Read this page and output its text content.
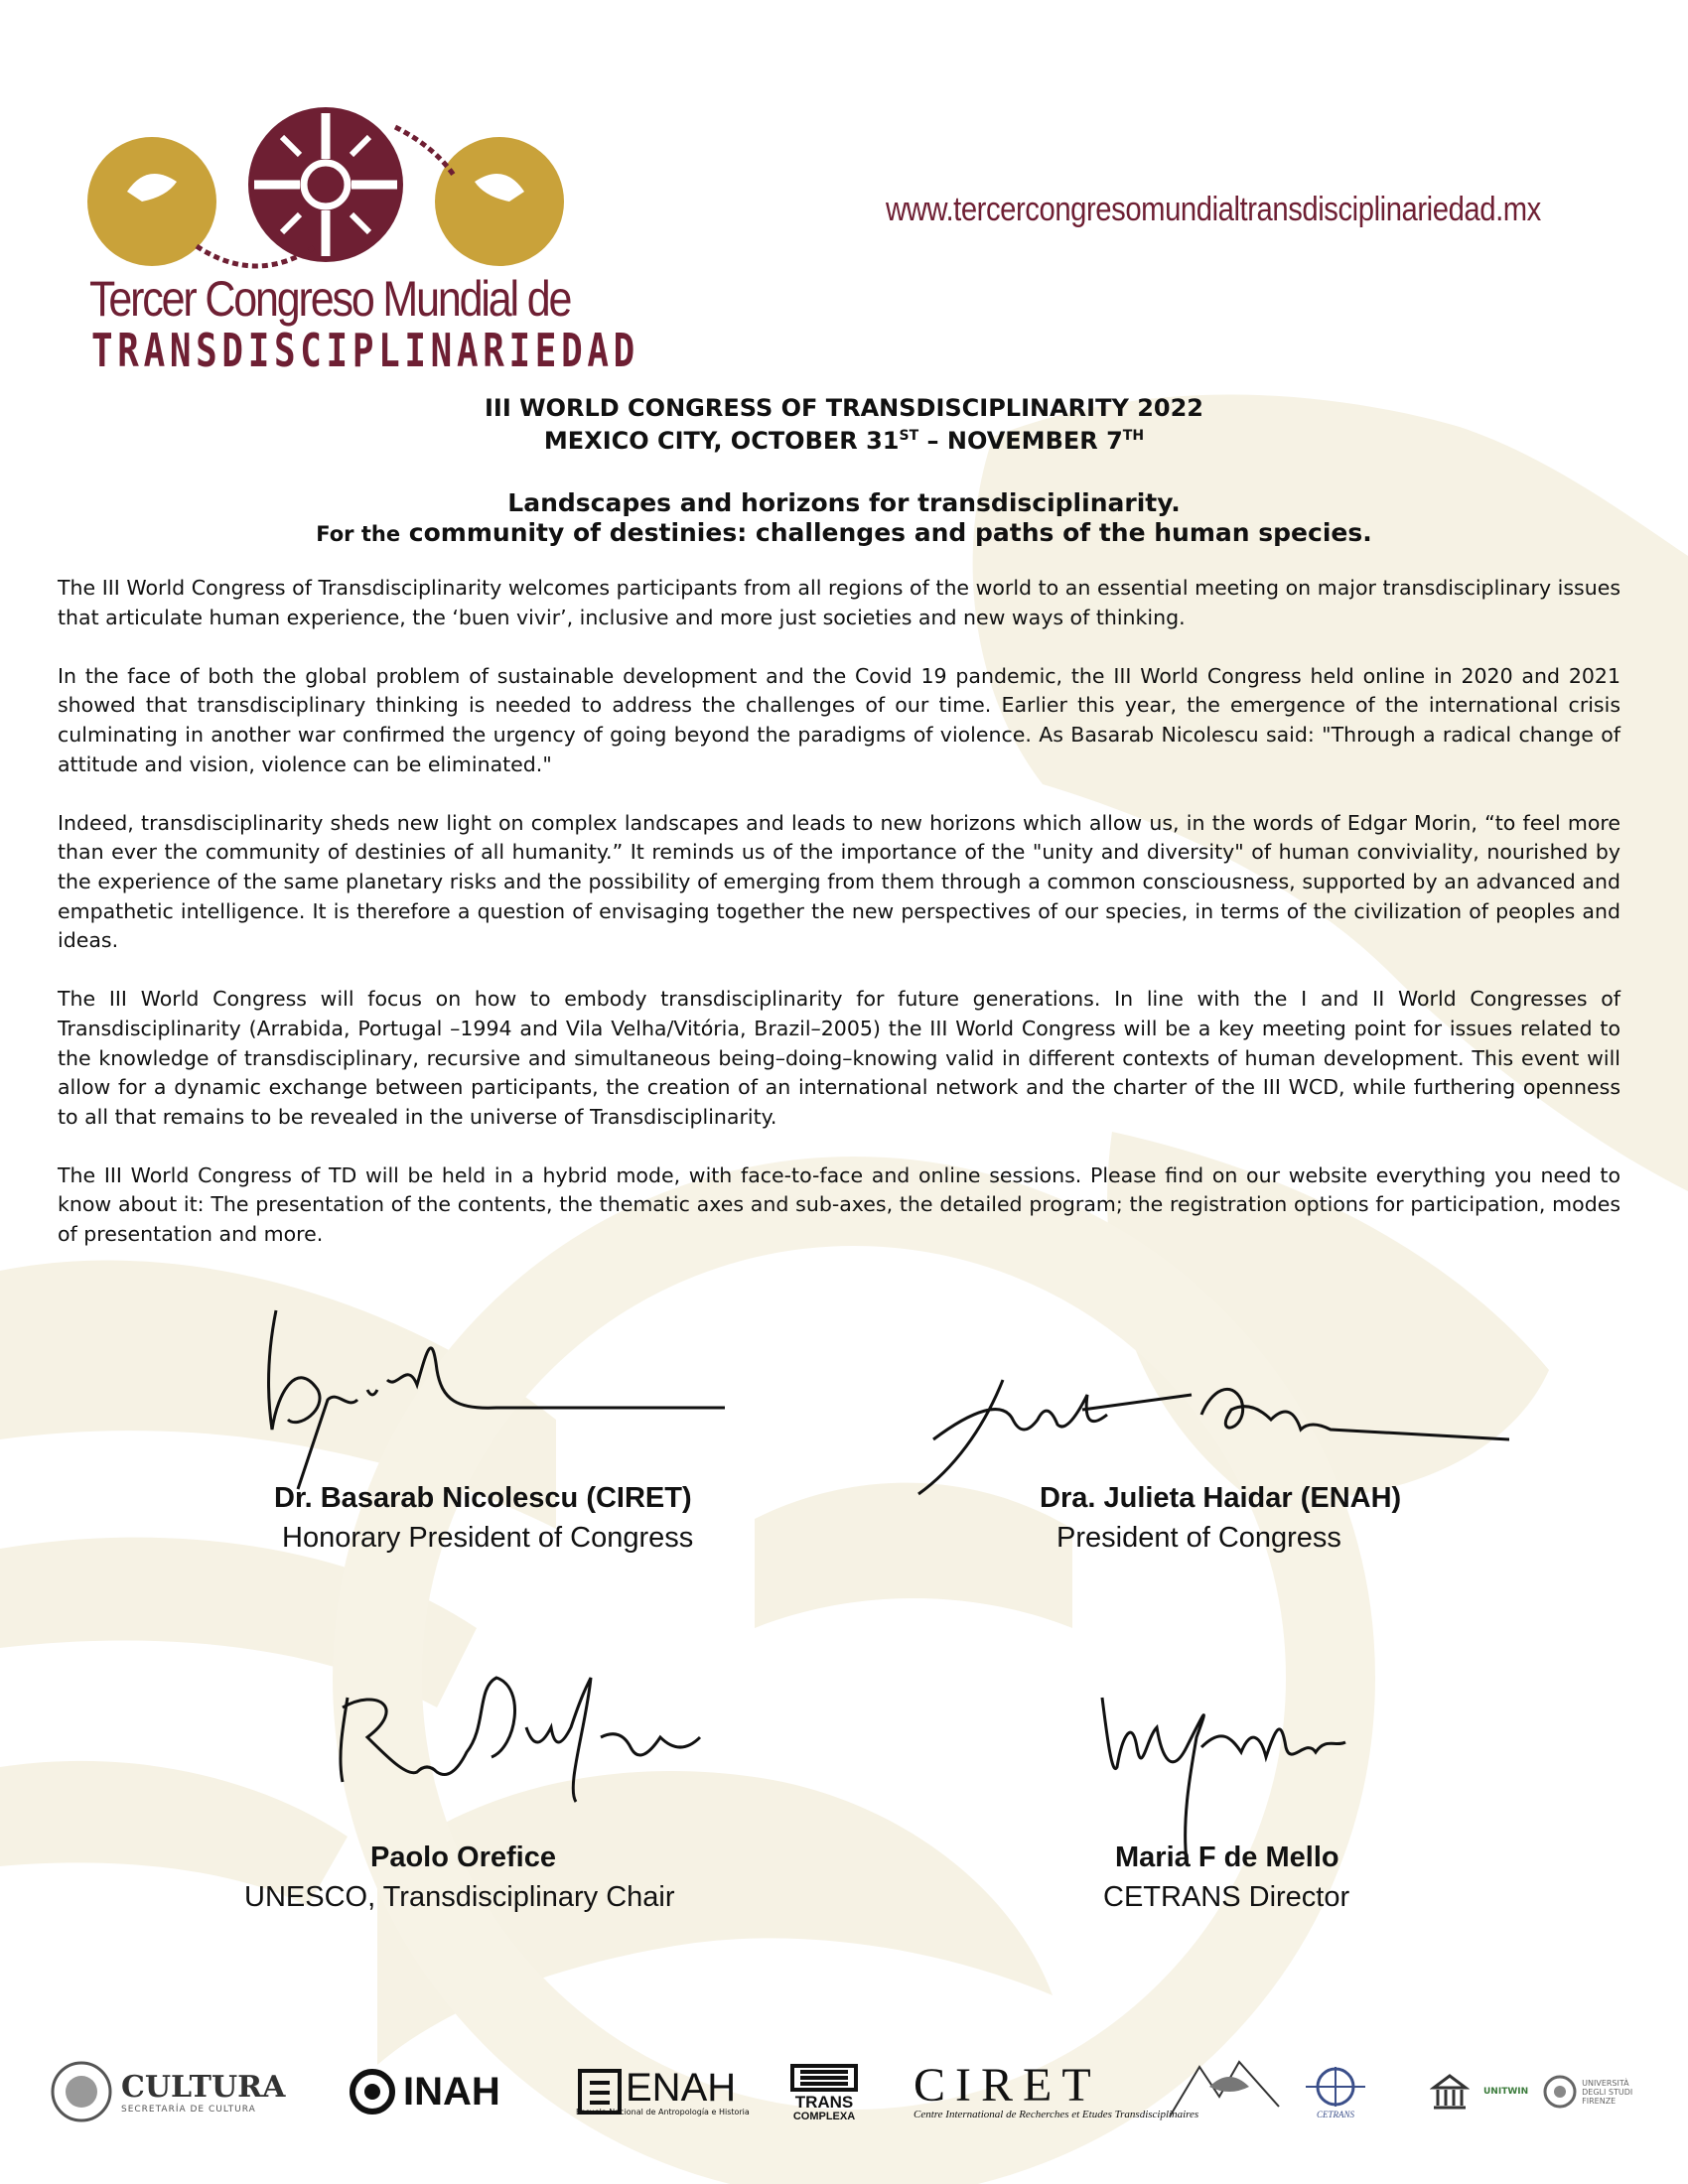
Tercer Congreso Mundial de
TRANSDISCIPLINARIEDAD
www.tercercongresomundialtransdisciplinariedad.mx
III WORLD CONGRESS OF TRANSDISCIPLINARITY 2022
MEXICO CITY, OCTOBER 31ST – NOVEMBER 7TH
Landscapes and horizons for transdisciplinarity.
For the community of destinies: challenges and paths of the human species.

The III World Congress of Transdisciplinarity welcomes participants from all regions of the world to an essential meeting on major transdisciplinary issues that articulate human experience, the ‘buen vivir’, inclusive and more just societies and new ways of thinking.

In the face of both the global problem of sustainable development and the Covid 19 pandemic, the III World Congress held online in 2020 and 2021 showed that transdisciplinary thinking is needed to address the challenges of our time. Earlier this year, the emergence of the international crisis culminating in another war confirmed the urgency of going beyond the paradigms of violence. As Basarab Nicolescu said: "Through a radical change of attitude and vision, violence can be eliminated."

Indeed, transdisciplinarity sheds new light on complex landscapes and leads to new horizons which allow us, in the words of Edgar Morin, “to feel more than ever the community of destinies of all humanity.” It reminds us of the importance of the "unity and diversity" of human conviviality, nourished by the experience of the same planetary risks and the possibility of emerging from them through a common consciousness, supported by an advanced and empathetic intelligence. It is therefore a question of envisaging together the new perspectives of our species, in terms of the civilization of peoples and ideas.

The III World Congress will focus on how to embody transdisciplinarity for future generations. In line with the I and II World Congresses of Transdisciplinarity (Arrabida, Portugal –1994 and Vila Velha/Vitória, Brazil–2005) the III World Congress will be a key meeting point for issues related to the knowledge of transdisciplinary, recursive and simultaneous being–doing–knowing valid in different contexts of human development. This event will allow for a dynamic exchange between participants, the creation of an international network and the charter of the III WCD, while furthering openness to all that remains to be revealed in the universe of Transdisciplinarity.

The III World Congress of TD will be held in a hybrid mode, with face-to-face and online sessions. Please find on our website everything you need to know about it: The presentation of the contents, the thematic axes and sub-axes, the detailed program; the registration options for participation, modes of presentation and more.

Dr. Basarab Nicolescu (CIRET)
Honorary President of Congress
Dra. Julieta Haidar (ENAH)
President of Congress
Paolo Orefice
UNESCO, Transdisciplinary Chair
Maria F de Mello
CETRANS Director
CULTURA
SECRETARÍA DE CULTURA	INAH	ENAH
Escuela Nacional de Antropología e Historia
TRANS
COMPLEXA
CIRET
Centre International de Recherches et Etudes Transdisciplinaires	CETRANS
UNITWIN
UNIVERSITÀ DEGLI STUDI FIRENZE
